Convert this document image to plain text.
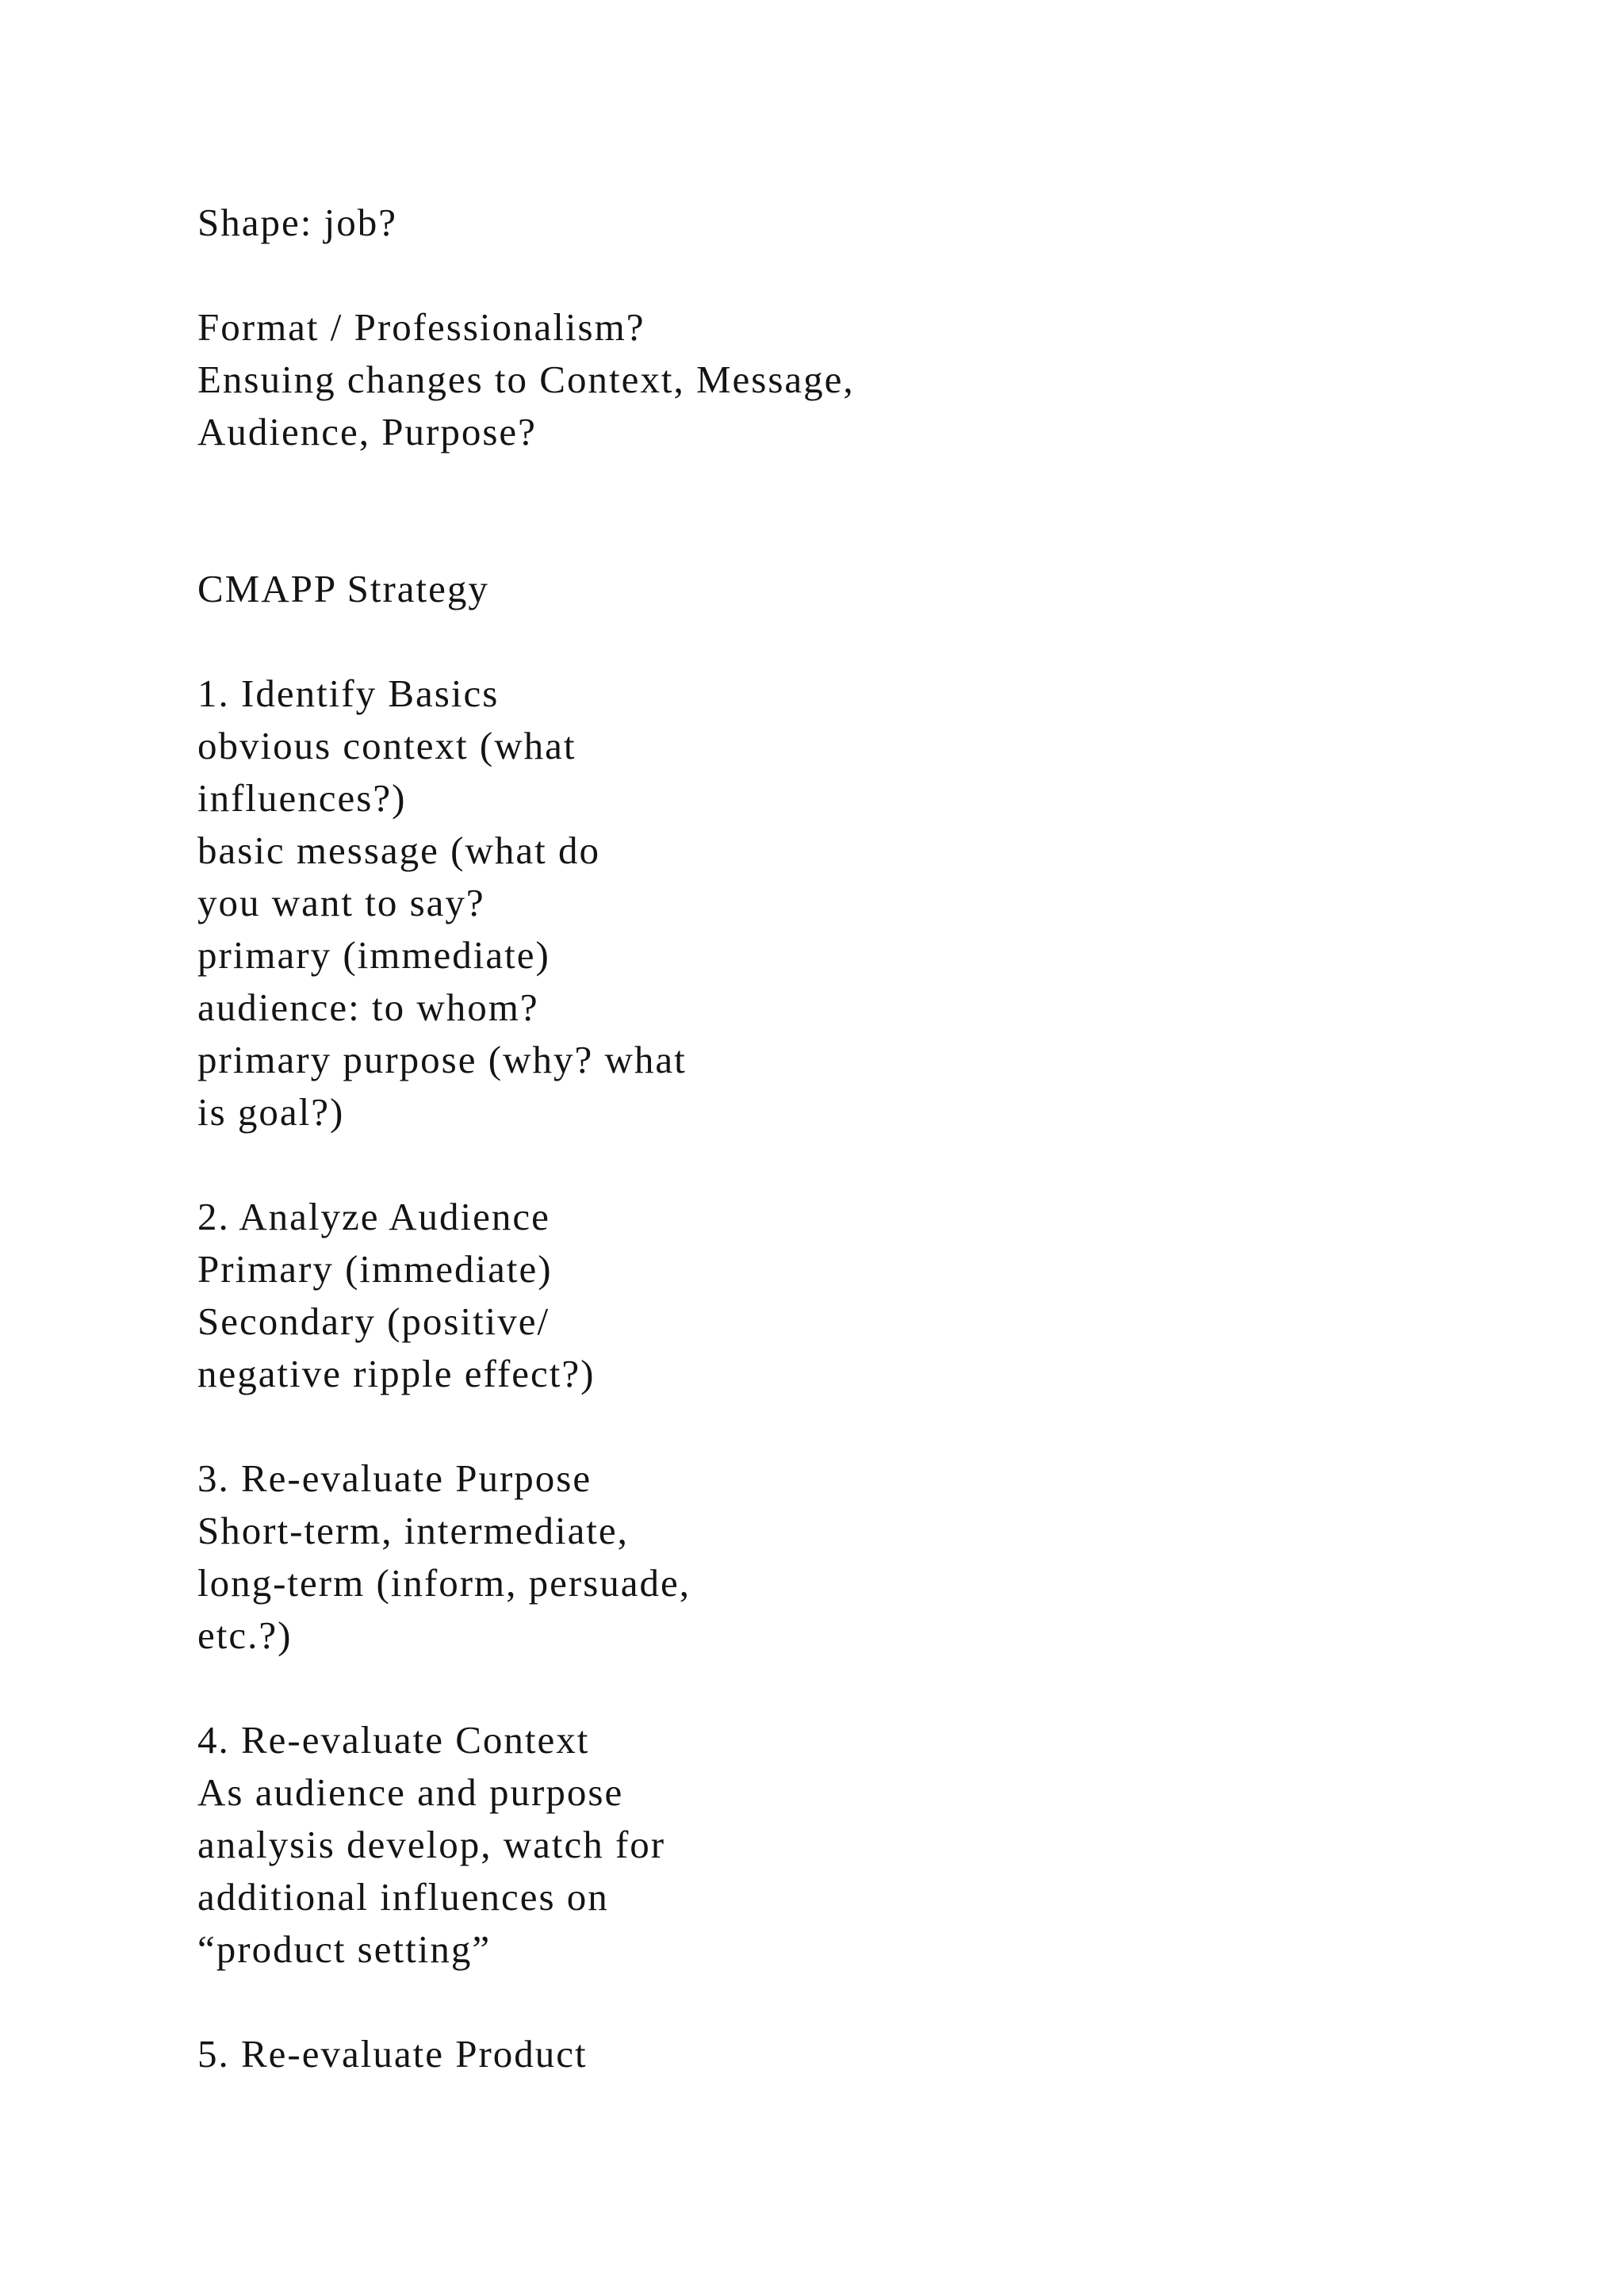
Shape: job?
Format / Professionalism?
Ensuing changes to Context, Message,
Audience, Purpose?
CMAPP Strategy
1. Identify Basics
obvious context (what
influences?)
basic message (what do
you want to say?
primary (immediate)
audience: to whom?
primary purpose (why? what
is goal?)
2. Analyze Audience
Primary (immediate)
Secondary (positive/
negative ripple effect?)
3. Re-evaluate Purpose
Short-term, intermediate,
long-term (inform, persuade,
etc.?)
4. Re-evaluate Context
As audience and purpose
analysis develop, watch for
additional influences on
“product setting”
5. Re-evaluate Product
